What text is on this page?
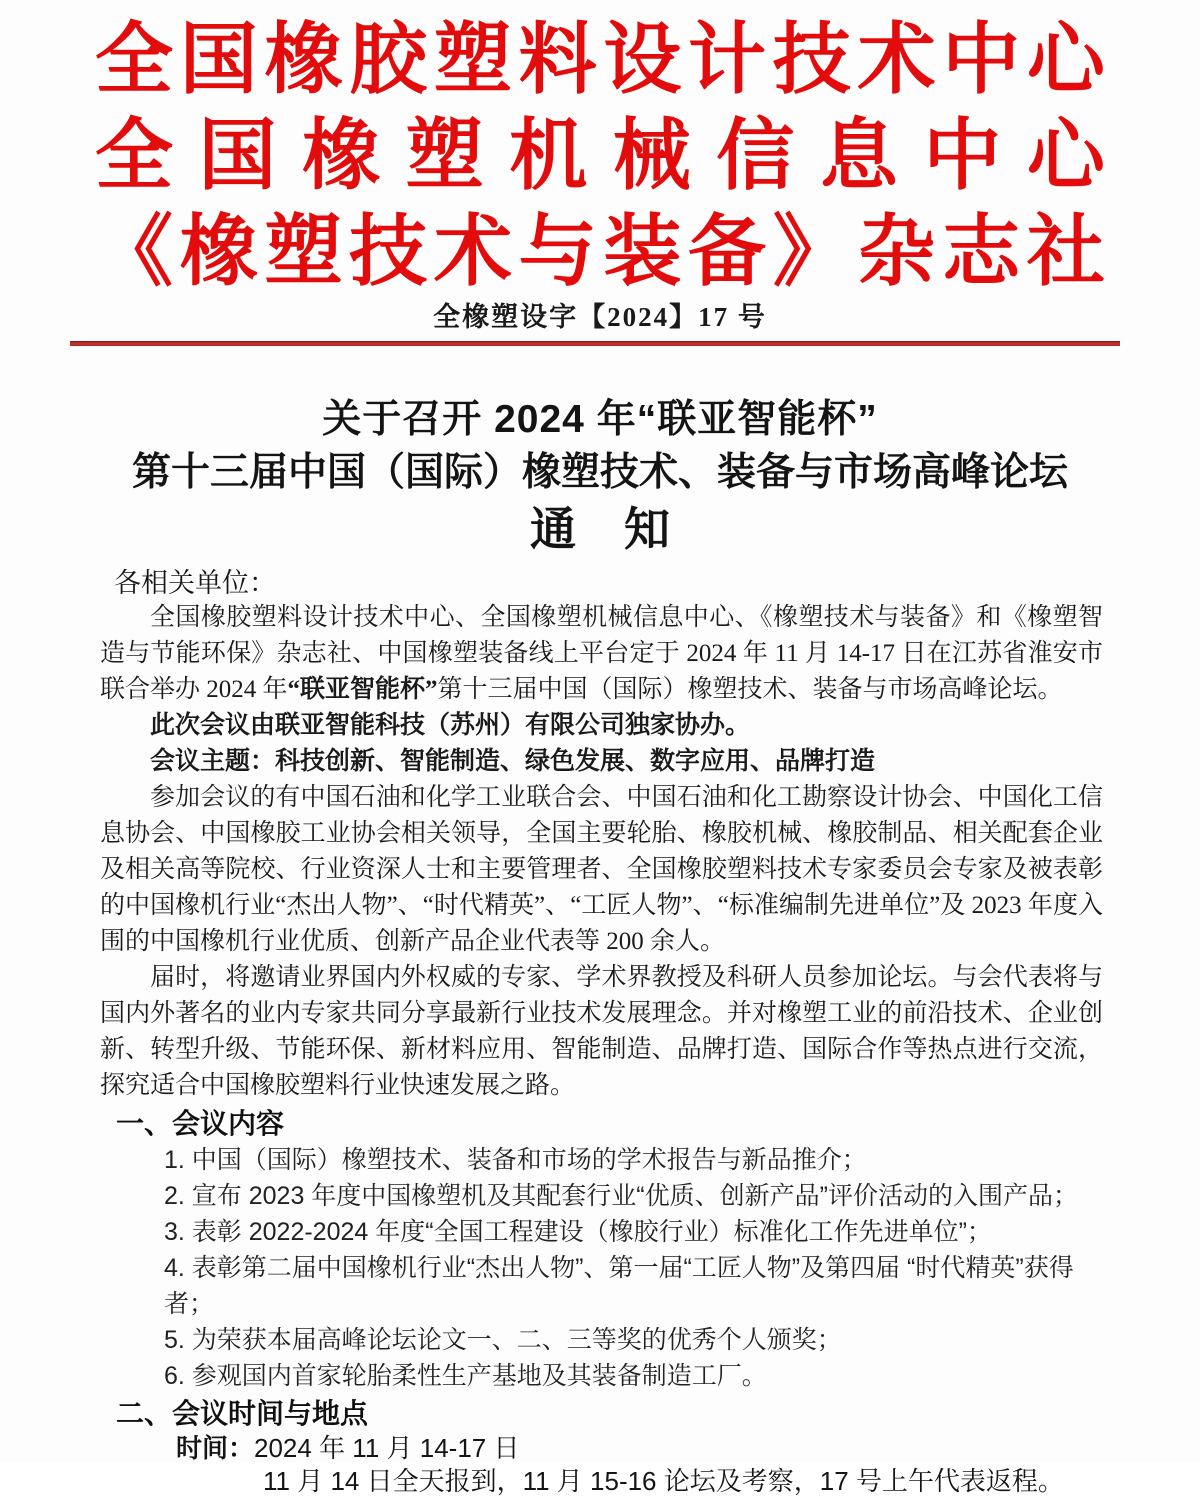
全 国 橡 胶 塑 料 设 计 技 术 中 心
全 国 橡 塑 机 械 信 息 中 心
《 橡 塑 技 术 与 装 备 》 杂 志 社
全橡塑设字【2024】17 号
关于召开 2024 年“联亚智能杯”
第十三届中国（国际）橡塑技术、装备与市场高峰论坛
通 知
各相关单位：

全国橡胶塑料设计技术中心、全国橡塑机械信息中心、《橡塑技术与装备》和《橡塑智造与节能环保》杂志社、中国橡塑装备线上平台定于 2024 年 11 月 14-17 日在江苏省淮安市联合举办 2024 年“联亚智能杯”第十三届中国（国际）橡塑技术、装备与市场高峰论坛。

此次会议由联亚智能科技（苏州）有限公司独家协办。

会议主题：科技创新、智能制造、绿色发展、数字应用、品牌打造

参加会议的有中国石油和化学工业联合会、中国石油和化工勘察设计协会、中国化工信息协会、中国橡胶工业协会相关领导，全国主要轮胎、橡胶机械、橡胶制品、相关配套企业及相关高等院校、行业资深人士和主要管理者、全国橡胶塑料技术专家委员会专家及被表彰的中国橡机行业“杰出人物”、“时代精英”、“工匠人物”、“标准编制先进单位”及 2023 年度入围的中国橡机行业优质、创新产品企业代表等 200 余人。

届时，将邀请业界国内外权威的专家、学术界教授及科研人员参加论坛。与会代表将与国内外著名的业内专家共同分享最新行业技术发展理念。并对橡塑工业的前沿技术、企业创新、转型升级、节能环保、新材料应用、智能制造、品牌打造、国际合作等热点进行交流，探究适合中国橡胶塑料行业快速发展之路。

一、会议内容
1. 中国（国际）橡塑技术、装备和市场的学术报告与新品推介；
2. 宣布 2023 年度中国橡塑机及其配套行业“优质、创新产品”评价活动的入围产品；
3. 表彰 2022-2024 年度“全国工程建设（橡胶行业）标准化工作先进单位”；
4. 表彰第二届中国橡机行业“杰出人物”、第一届“工匠人物”及第四届 “时代精英”获得者；
5. 为荣获本届高峰论坛论文一、二、三等奖的优秀个人颁奖；
6. 参观国内首家轮胎柔性生产基地及其装备制造工厂。
二、会议时间与地点
时间：2024 年 11 月 14-17 日
11 月 14 日全天报到，11 月 15-16 论坛及考察，17 号上午代表返程。
